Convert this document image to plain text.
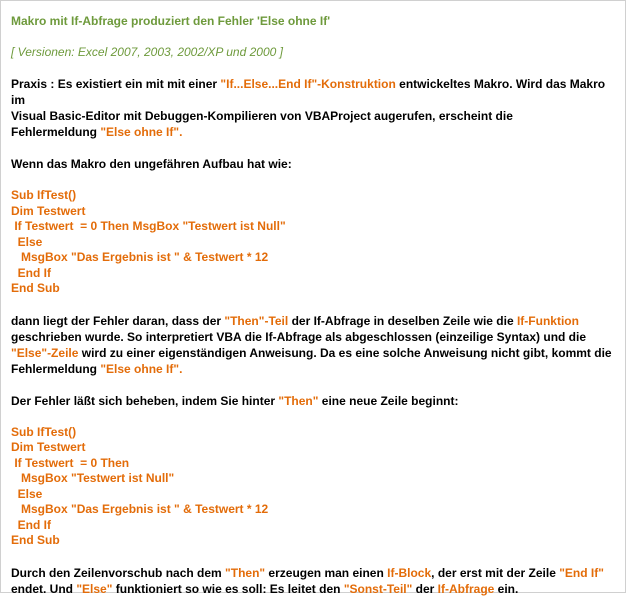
Makro mit If-Abfrage produziert den Fehler 'Else ohne If'

[ Versionen: Excel 2007, 2003, 2002/XP und 2000 ]

Praxis : Es existiert ein mit mit einer "If...Else...End If"-Konstruktion entwickeltes Makro. Wird das Makro im
Visual Basic-Editor mit Debuggen-Kompilieren von VBAProject augerufen, erscheint die
Fehlermeldung "Else ohne If".

Wenn das Makro den ungefähren Aufbau hat wie:

Sub IfTest()

Dim Testwert

If Testwert  = 0 Then MsgBox "Testwert ist Null"

Else

MsgBox "Das Ergebnis ist " & Testwert * 12

End If

End Sub

dann liegt der Fehler daran, dass der "Then"-Teil der If-Abfrage in deselben Zeile wie die If-Funktion geschrieben wurde. So interpretiert VBA die If-Abfrage als abgeschlossen (einzeilige Syntax) und die "Else"-Zeile wird zu einer eigenständigen Anweisung. Da es eine solche Anweisung nicht gibt, kommt die Fehlermeldung "Else ohne If".

Der Fehler läßt sich beheben, indem Sie hinter "Then" eine neue Zeile beginnt:

Sub IfTest()

Dim Testwert

If Testwert  = 0 Then

MsgBox "Testwert ist Null"

Else

MsgBox "Das Ergebnis ist " & Testwert * 12

End If

End Sub

Durch den Zeilenvorschub nach dem "Then" erzeugen man einen If-Block, der erst mit der Zeile "End If" endet. Und "Else" funktioniert so wie es soll: Es leitet den "Sonst-Teil" der If-Abfrage ein.
